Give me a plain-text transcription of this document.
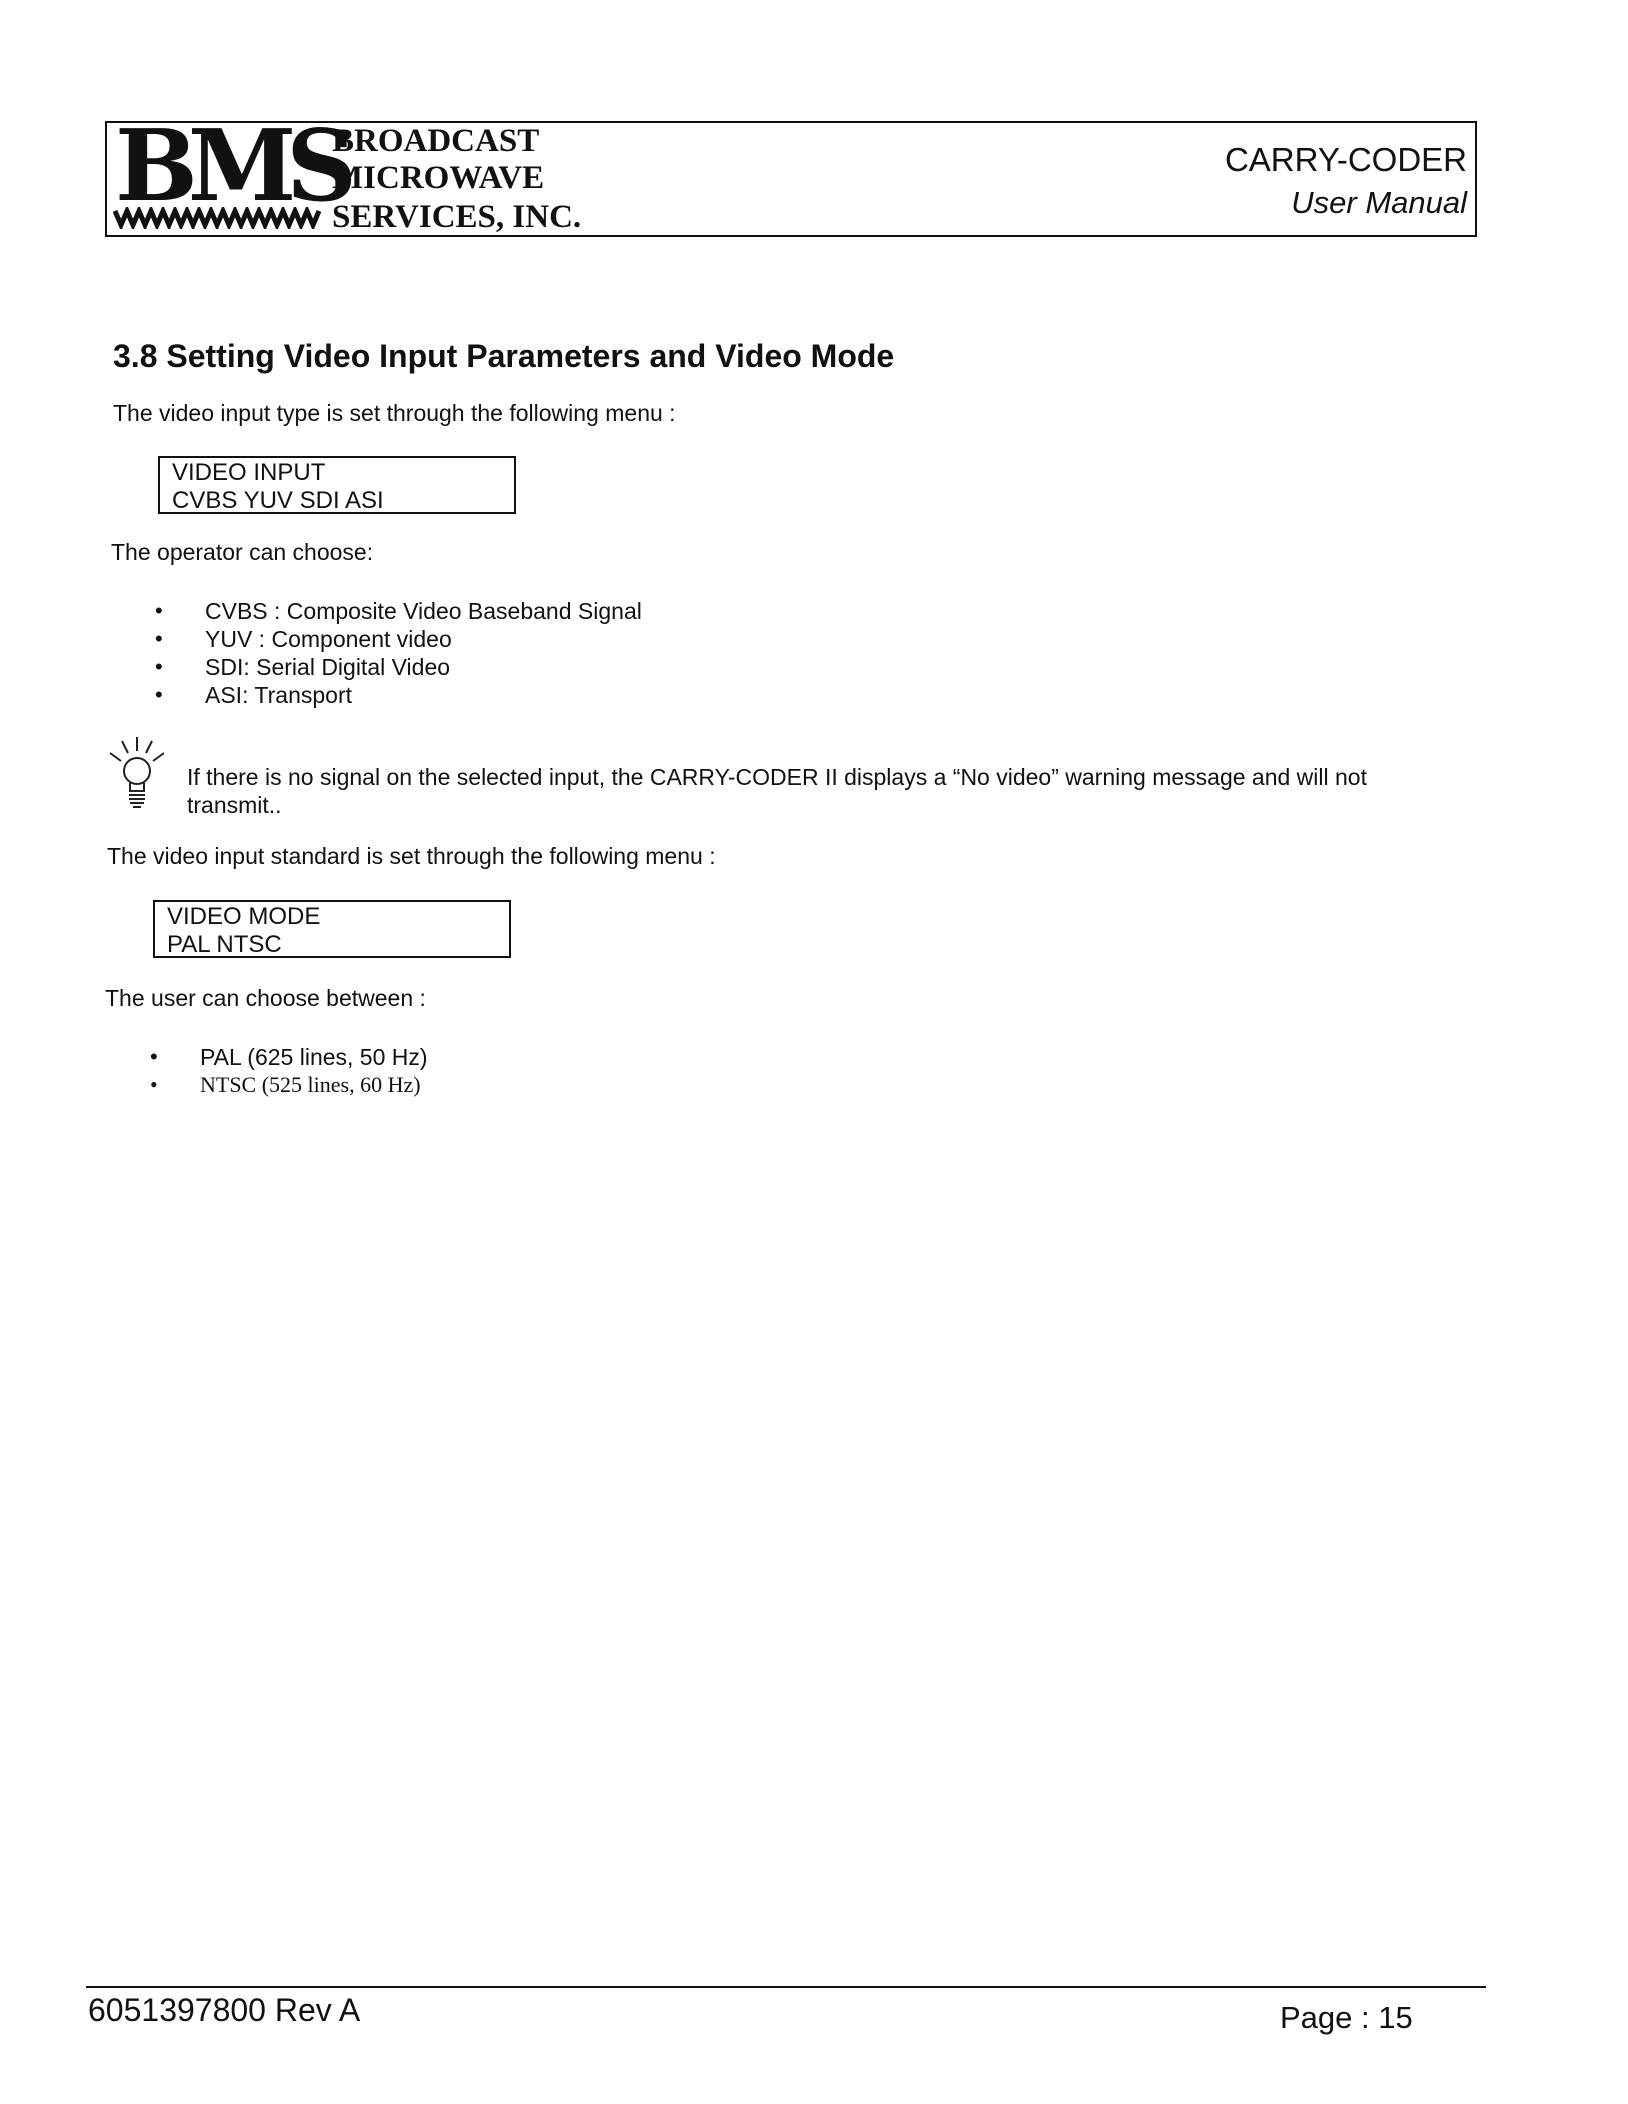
BMS
BROADCAST
MICROWAVE
SERVICES, INC.
CARRY-CODER
User Manual
3.8 Setting Video Input Parameters and Video Mode
The video input type is set through the following menu :
VIDEO INPUT
CVBS YUV SDI ASI
The operator can choose:
• CVBS : Composite Video Baseband Signal
• YUV : Component video
• SDI: Serial Digital Video
• ASI: Transport
If there is no signal on the selected input, the CARRY-CODER II displays a “No video” warning message and will not
transmit..
The video input standard is set through the following menu :
VIDEO MODE
PAL NTSC
The user can choose between :
• PAL (625 lines, 50 Hz)
• NTSC (525 lines, 60 Hz)
6051397800 Rev A	Page : 15
